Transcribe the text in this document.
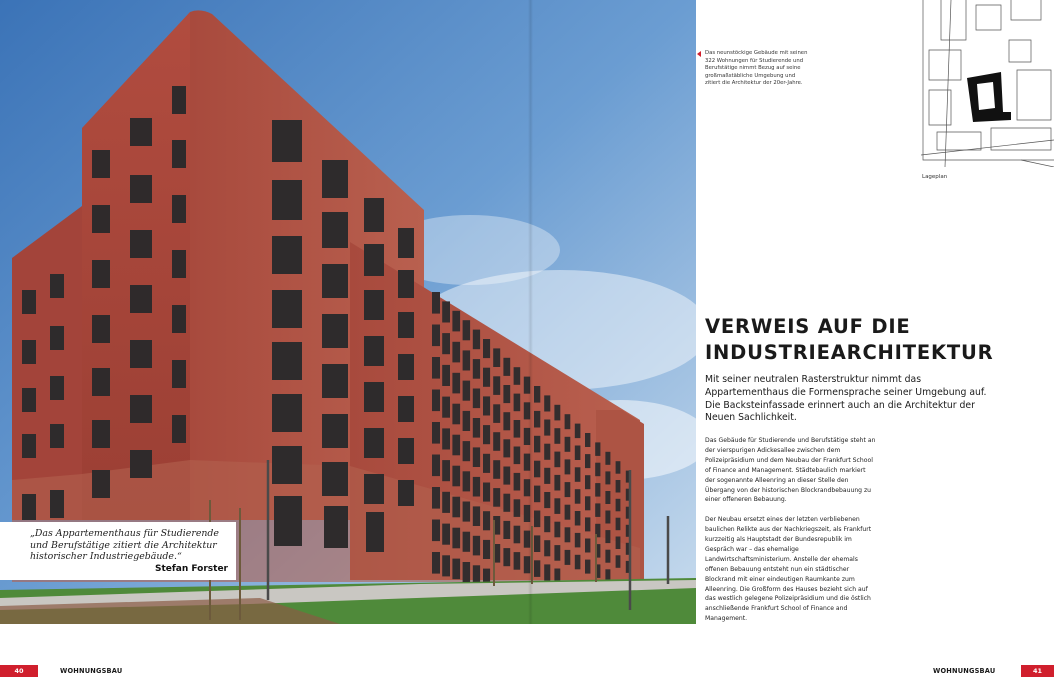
„Das Appartementhaus für Studierende und Berufstätige zitiert die Architektur historischer Industriegebäude.“
Stefan Forster
Das neunstöckige Gebäude mit seinen 322 Wohnungen für Studierende und Berufstätige nimmt Bezug auf seine großmaßstäbliche Umgebung und zitiert die Architektur der 20er-Jahre.
Lageplan
VERWEIS AUF DIE INDUSTRIEARCHITEKTUR

Mit seiner neutralen Rasterstruktur nimmt das Appartementhaus die Formensprache seiner Umgebung auf. Die Backsteinfassade erinnert auch an die Architektur der Neuen Sachlichkeit.

Das Gebäude für Studierende und Berufstätige steht an der vierspurigen Adickesallee zwischen dem Polizeipräsidium und dem Neubau der Frankfurt School of Finance and Management. Städtebaulich markiert der sogenannte Alleenring an dieser Stelle den Übergang von der historischen Blockrandbebauung zu einer offeneren Bebauung.

Der Neubau ersetzt eines der letzten verbliebenen baulichen Relikte aus der Nachkriegszeit, als Frankfurt kurzzeitig als Hauptstadt der Bundesrepublik im Gespräch war – das ehemalige Landwirtschaftsministerium. Anstelle der ehemals offenen Bebauung entsteht nun ein städtischer Blockrand mit einer eindeutigen Raumkante zum Alleenring. Die Großform des Hauses bezieht sich auf das westlich gelegene Polizeipräsidium und die östlich anschließende Frankfurt School of Finance and Management.

40	WOHNUNGSBAU	WOHNUNGSBAU	41
